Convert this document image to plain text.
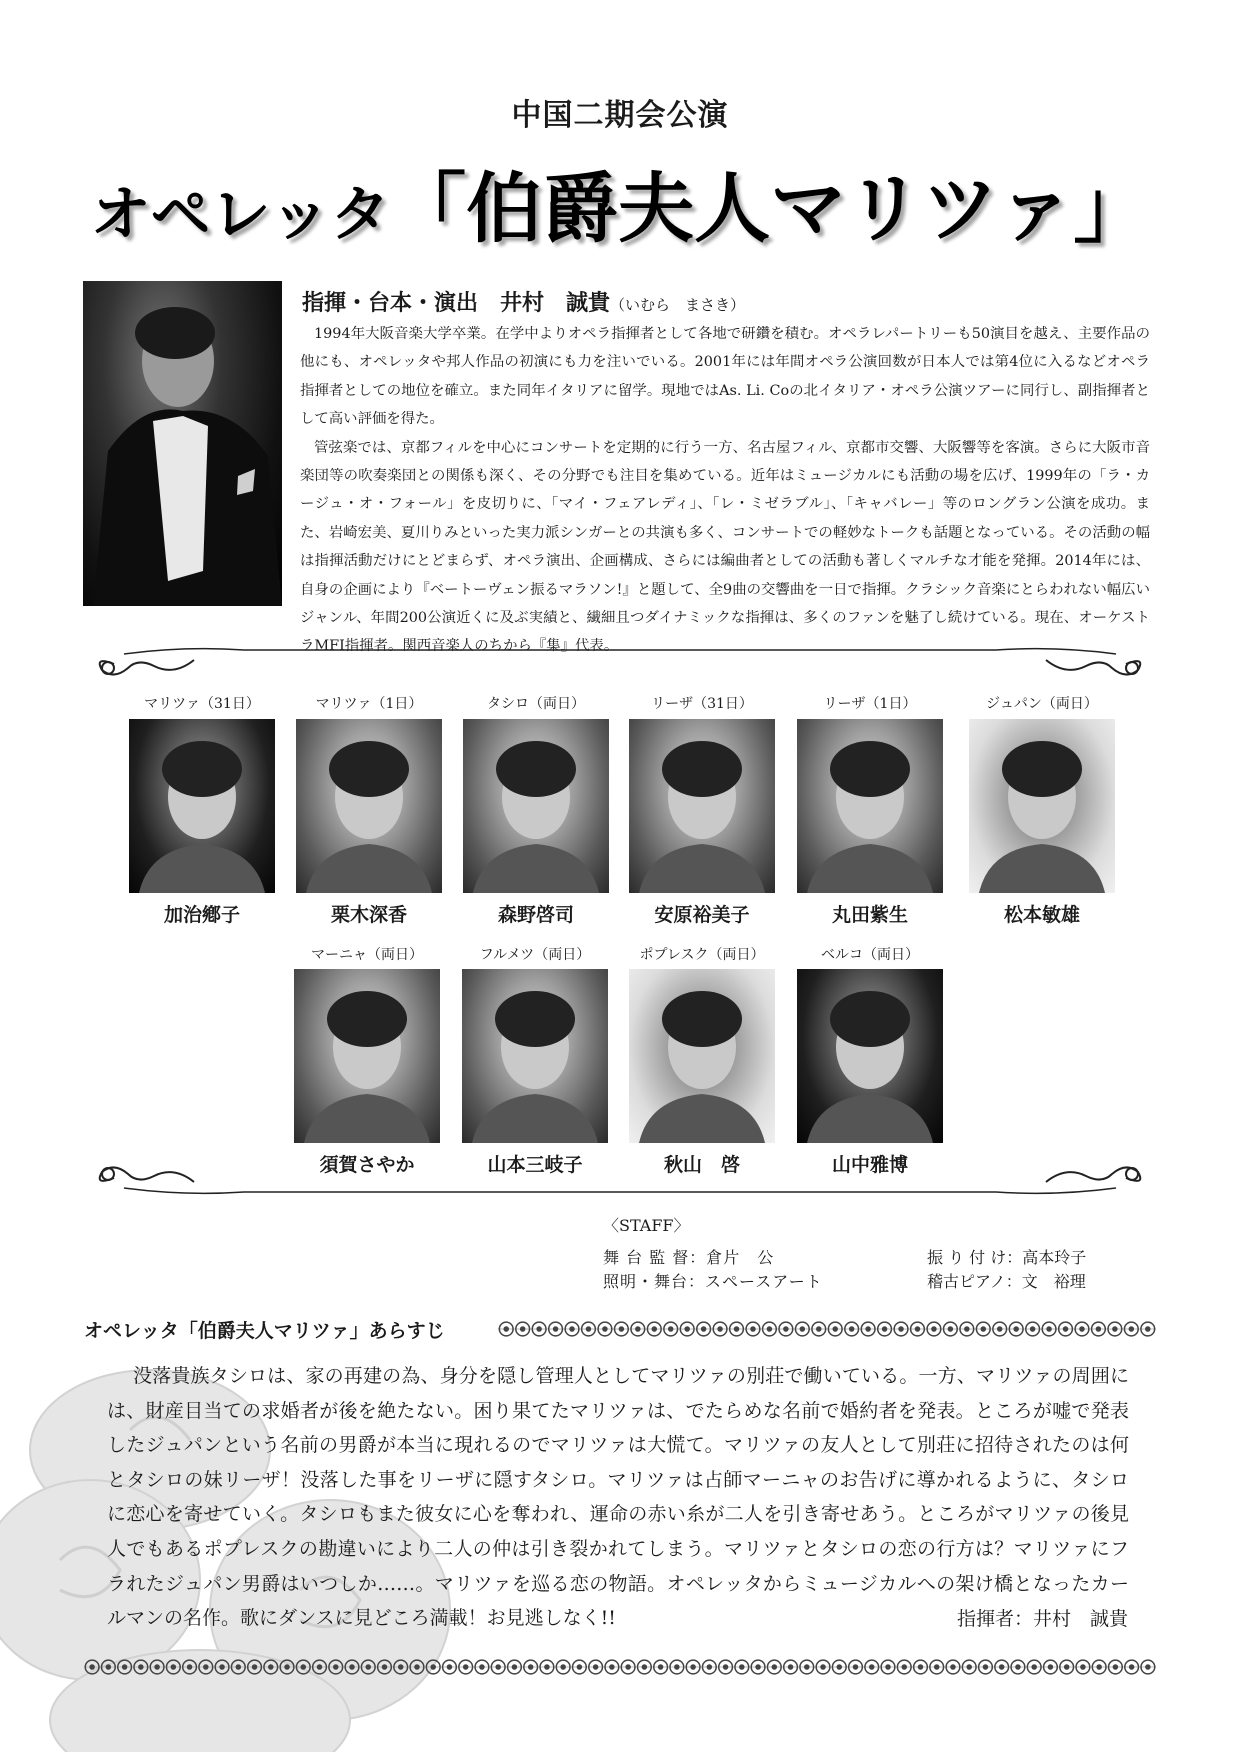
中国二期会公演
オペレッタ「伯爵夫人マリツァ」
指揮・台本・演出　井村　誠貴（いむら　まさき）

1994年大阪音楽大学卒業。在学中よりオペラ指揮者として各地で研鑽を積む。オペラレパートリーも50演目を越え、主要作品の他にも、オペレッタや邦人作品の初演にも力を注いでいる。2001年には年間オペラ公演回数が日本人では第4位に入るなどオペラ指揮者としての地位を確立。また同年イタリアに留学。現地ではAs. Li. Coの北イタリア・オペラ公演ツアーに同行し、副指揮者として高い評価を得た。

管弦楽では、京都フィルを中心にコンサートを定期的に行う一方、名古屋フィル、京都市交響、大阪響等を客演。さらに大阪市音楽団等の吹奏楽団との関係も深く、その分野でも注目を集めている。近年はミュージカルにも活動の場を広げ、1999年の「ラ・カージュ・オ・フォール」を皮切りに、「マイ・フェアレディ」、「レ・ミゼラブル」、「キャバレー」等のロングラン公演を成功。また、岩崎宏美、夏川りみといった実力派シンガーとの共演も多く、コンサートでの軽妙なトークも話題となっている。その活動の幅は指揮活動だけにとどまらず、オペラ演出、企画構成、さらには編曲者としての活動も著しくマルチな才能を発揮。2014年には、自身の企画により『ベートーヴェン振るマラソン!』と題して、全9曲の交響曲を一日で指揮。クラシック音楽にとらわれない幅広いジャンル、年間200公演近くに及ぶ実績と、繊細且つダイナミックな指揮は、多くのファンを魅了し続けている。現在、オーケストラMFI指揮者。関西音楽人のちから『集』代表。

マリツァ（31日）
加治鄕子
マリツァ（1日）
栗木深香
タシロ（両日）
森野啓司
リーザ（31日）
安原裕美子
リーザ（1日）
丸田紫生
ジュパン（両日）
松本敏雄
マーニャ（両日）
須賀さやか
フルメツ（両日）
山本三岐子
ポプレスク（両日）
秋山　啓
ベルコ（両日）
山中雅博
〈STAFF〉
舞 台 監 督：倉片　公	振 り 付 け：高本玲子
照明・舞台：スペースアート	稽古ピアノ：文　裕理
オペレッタ「伯爵夫人マリツァ」あらすじ

没落貴族タシロは、家の再建の為、身分を隠し管理人としてマリツァの別荘で働いている。一方、マリツァの周囲には、財産目当ての求婚者が後を絶たない。困り果てたマリツァは、でたらめな名前で婚約者を発表。ところが嘘で発表したジュパンという名前の男爵が本当に現れるのでマリツァは大慌て。マリツァの友人として別荘に招待されたのは何とタシロの妹リーザ！没落した事をリーザに隠すタシロ。マリツァは占師マーニャのお告げに導かれるように、タシロに恋心を寄せていく。タシロもまた彼女に心を奪われ、運命の赤い糸が二人を引き寄せあう。ところがマリツァの後見人でもあるポプレスクの勘違いにより二人の仲は引き裂かれてしまう。マリツァとタシロの恋の行方は？マリツァにフラれたジュパン男爵はいつしか……。マリツァを巡る恋の物語。オペレッタからミュージカルへの架け橋となったカールマンの名作。歌にダンスに見どころ満載！お見逃しなく!!	指揮者：井村　誠貴
